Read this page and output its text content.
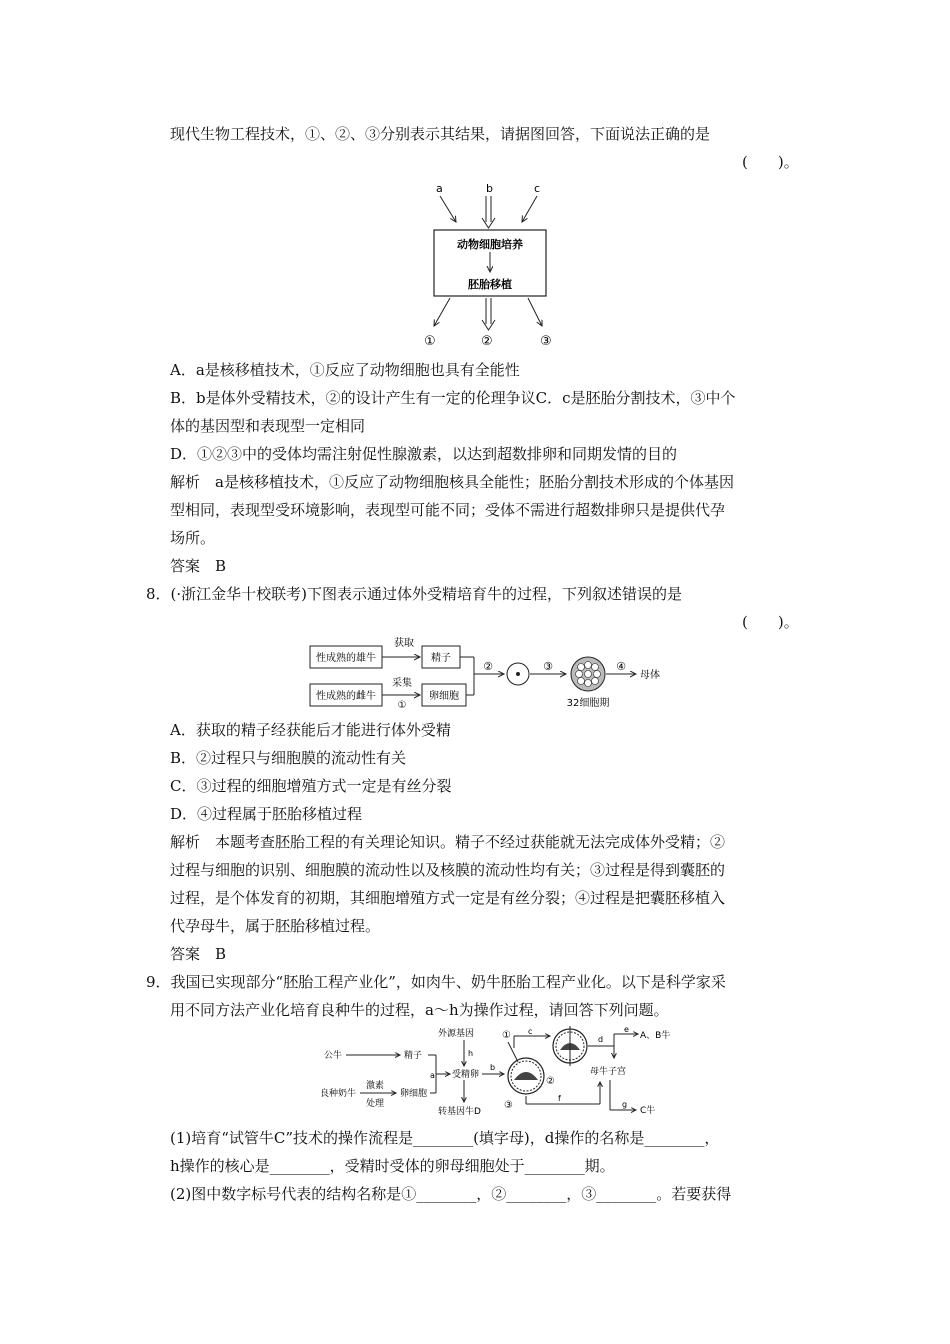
现代生物工程技术，①、②、③分别表示其结果，请据图回答，下面说法正确的是
(　　)。
a	b	c
动物细胞培养
胚胎移植
①	②	③
A．a是核移植技术，①反应了动物细胞也具有全能性
B．b是体外受精技术，②的设计产生有一定的伦理争议C．c是胚胎分割技术，③中个
体的基因型和表现型一定相同
D．①②③中的受体均需注射促性腺激素，以达到超数排卵和同期发情的目的
解析　a是核移植技术，①反应了动物细胞核具全能性；胚胎分割技术形成的个体基因
型相同，表现型受环境影响，表现型可能不同；受体不需进行超数排卵只是提供代孕
场所。
答案　B
8．(·浙江金华十校联考)下图表示通过体外受精培育牛的过程，下列叙述错误的是
(　　)。
性成熟的雄牛
获取
精子
性成熟的雌牛
采集
①
卵细胞
②	③
32细胞期
④
母体
A．获取的精子经获能后才能进行体外受精
B．②过程只与细胞膜的流动性有关
C．③过程的细胞增殖方式一定是有丝分裂
D．④过程属于胚胎移植过程
解析　本题考查胚胎工程的有关理论知识。精子不经过获能就无法完成体外受精；②
过程与细胞的识别、细胞膜的流动性以及核膜的流动性均有关；③过程是得到囊胚的
过程，是个体发育的初期，其细胞增殖方式一定是有丝分裂；④过程是把囊胚移植入
代孕母牛，属于胚胎移植过程。
答案　B
9．我国已实现部分“胚胎工程产业化”，如肉牛、奶牛胚胎工程产业化。以下是科学家采
用不同方法产业化培育良种牛的过程，a～h为操作过程，请回答下列问题。
公牛	精子
良种奶牛
激素
处理
卵细胞
a
外源基因
h
受精卵
转基因牛D
b
①
②
③
c
d
e
A、B牛
母牛子宫
f
g
C牛
(1)培育“试管牛C”技术的操作流程是________(填字母)，d操作的名称是________，
h操作的核心是________，受精时受体的卵母细胞处于________期。
(2)图中数字标号代表的结构名称是①________，②________，③________。若要获得
